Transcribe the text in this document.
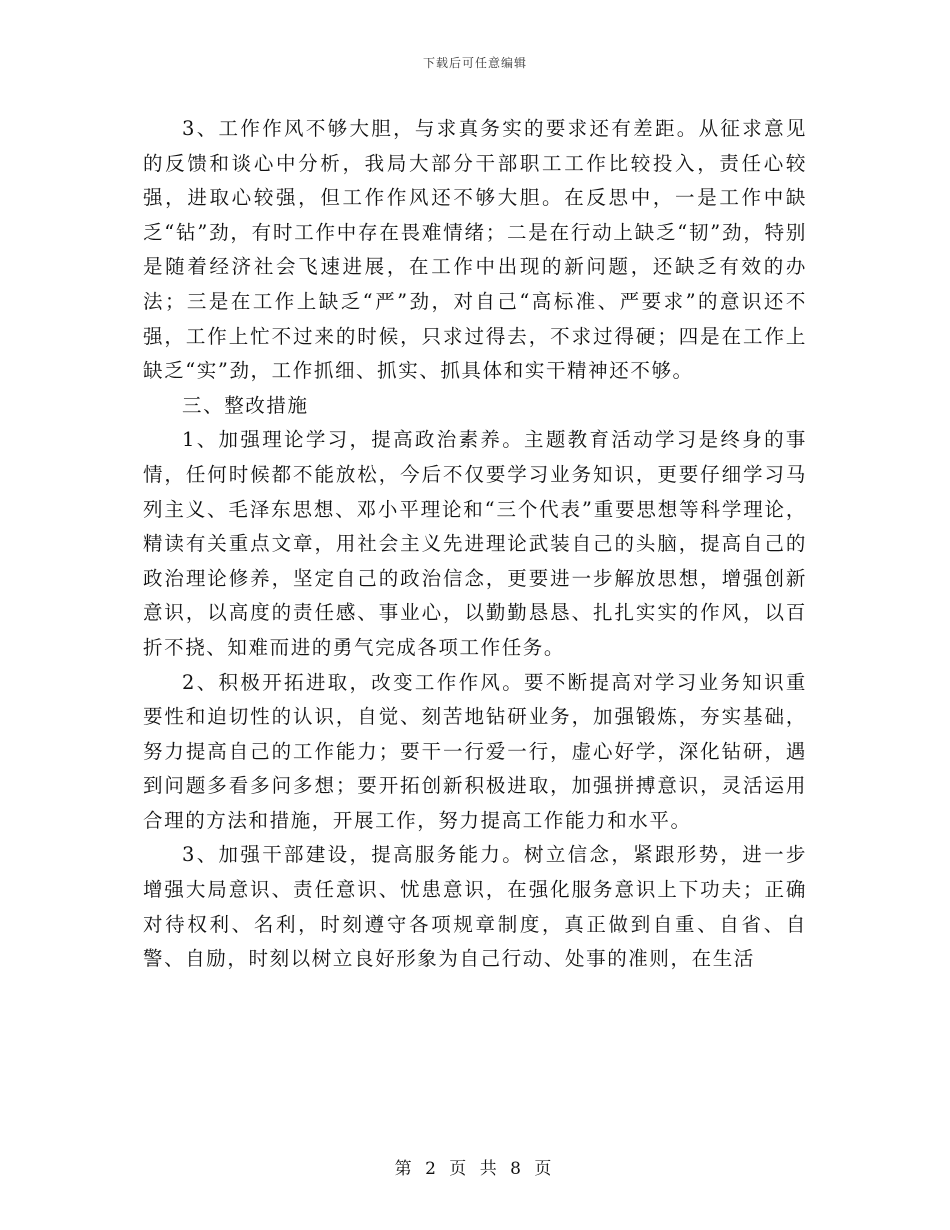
下载后可任意编辑

3、工作作风不够大胆，与求真务实的要求还有差距。从征求意见的反馈和谈心中分析，我局大部分干部职工工作比较投入，责任心较强，进取心较强，但工作作风还不够大胆。在反思中，一是工作中缺乏“钻”劲，有时工作中存在畏难情绪；二是在行动上缺乏“韧”劲，特别是随着经济社会飞速进展，在工作中出现的新问题，还缺乏有效的办法；三是在工作上缺乏“严”劲，对自己“高标准、严要求”的意识还不强，工作上忙不过来的时候，只求过得去，不求过得硬；四是在工作上缺乏“实”劲，工作抓细、抓实、抓具体和实干精神还不够。

三、整改措施

1、加强理论学习，提高政治素养。主题教育活动学习是终身的事情，任何时候都不能放松，今后不仅要学习业务知识，更要仔细学习马列主义、毛泽东思想、邓小平理论和“三个代表”重要思想等科学理论，精读有关重点文章，用社会主义先进理论武装自己的头脑，提高自己的政治理论修养，坚定自己的政治信念，更要进一步解放思想，增强创新意识，以高度的责任感、事业心，以勤勤恳恳、扎扎实实的作风，以百折不挠、知难而进的勇气完成各项工作任务。

2、积极开拓进取，改变工作作风。要不断提高对学习业务知识重要性和迫切性的认识，自觉、刻苦地钻研业务，加强锻炼，夯实基础，努力提高自己的工作能力；要干一行爱一行，虚心好学，深化钻研，遇到问题多看多问多想；要开拓创新积极进取，加强拼搏意识，灵活运用合理的方法和措施，开展工作，努力提高工作能力和水平。

3、加强干部建设，提高服务能力。树立信念，紧跟形势，进一步增强大局意识、责任意识、忧患意识，在强化服务意识上下功夫；正确对待权利、名利，时刻遵守各项规章制度，真正做到自重、自省、自警、自励，时刻以树立良好形象为自己行动、处事的准则，在生活

第 2 页 共 8 页
